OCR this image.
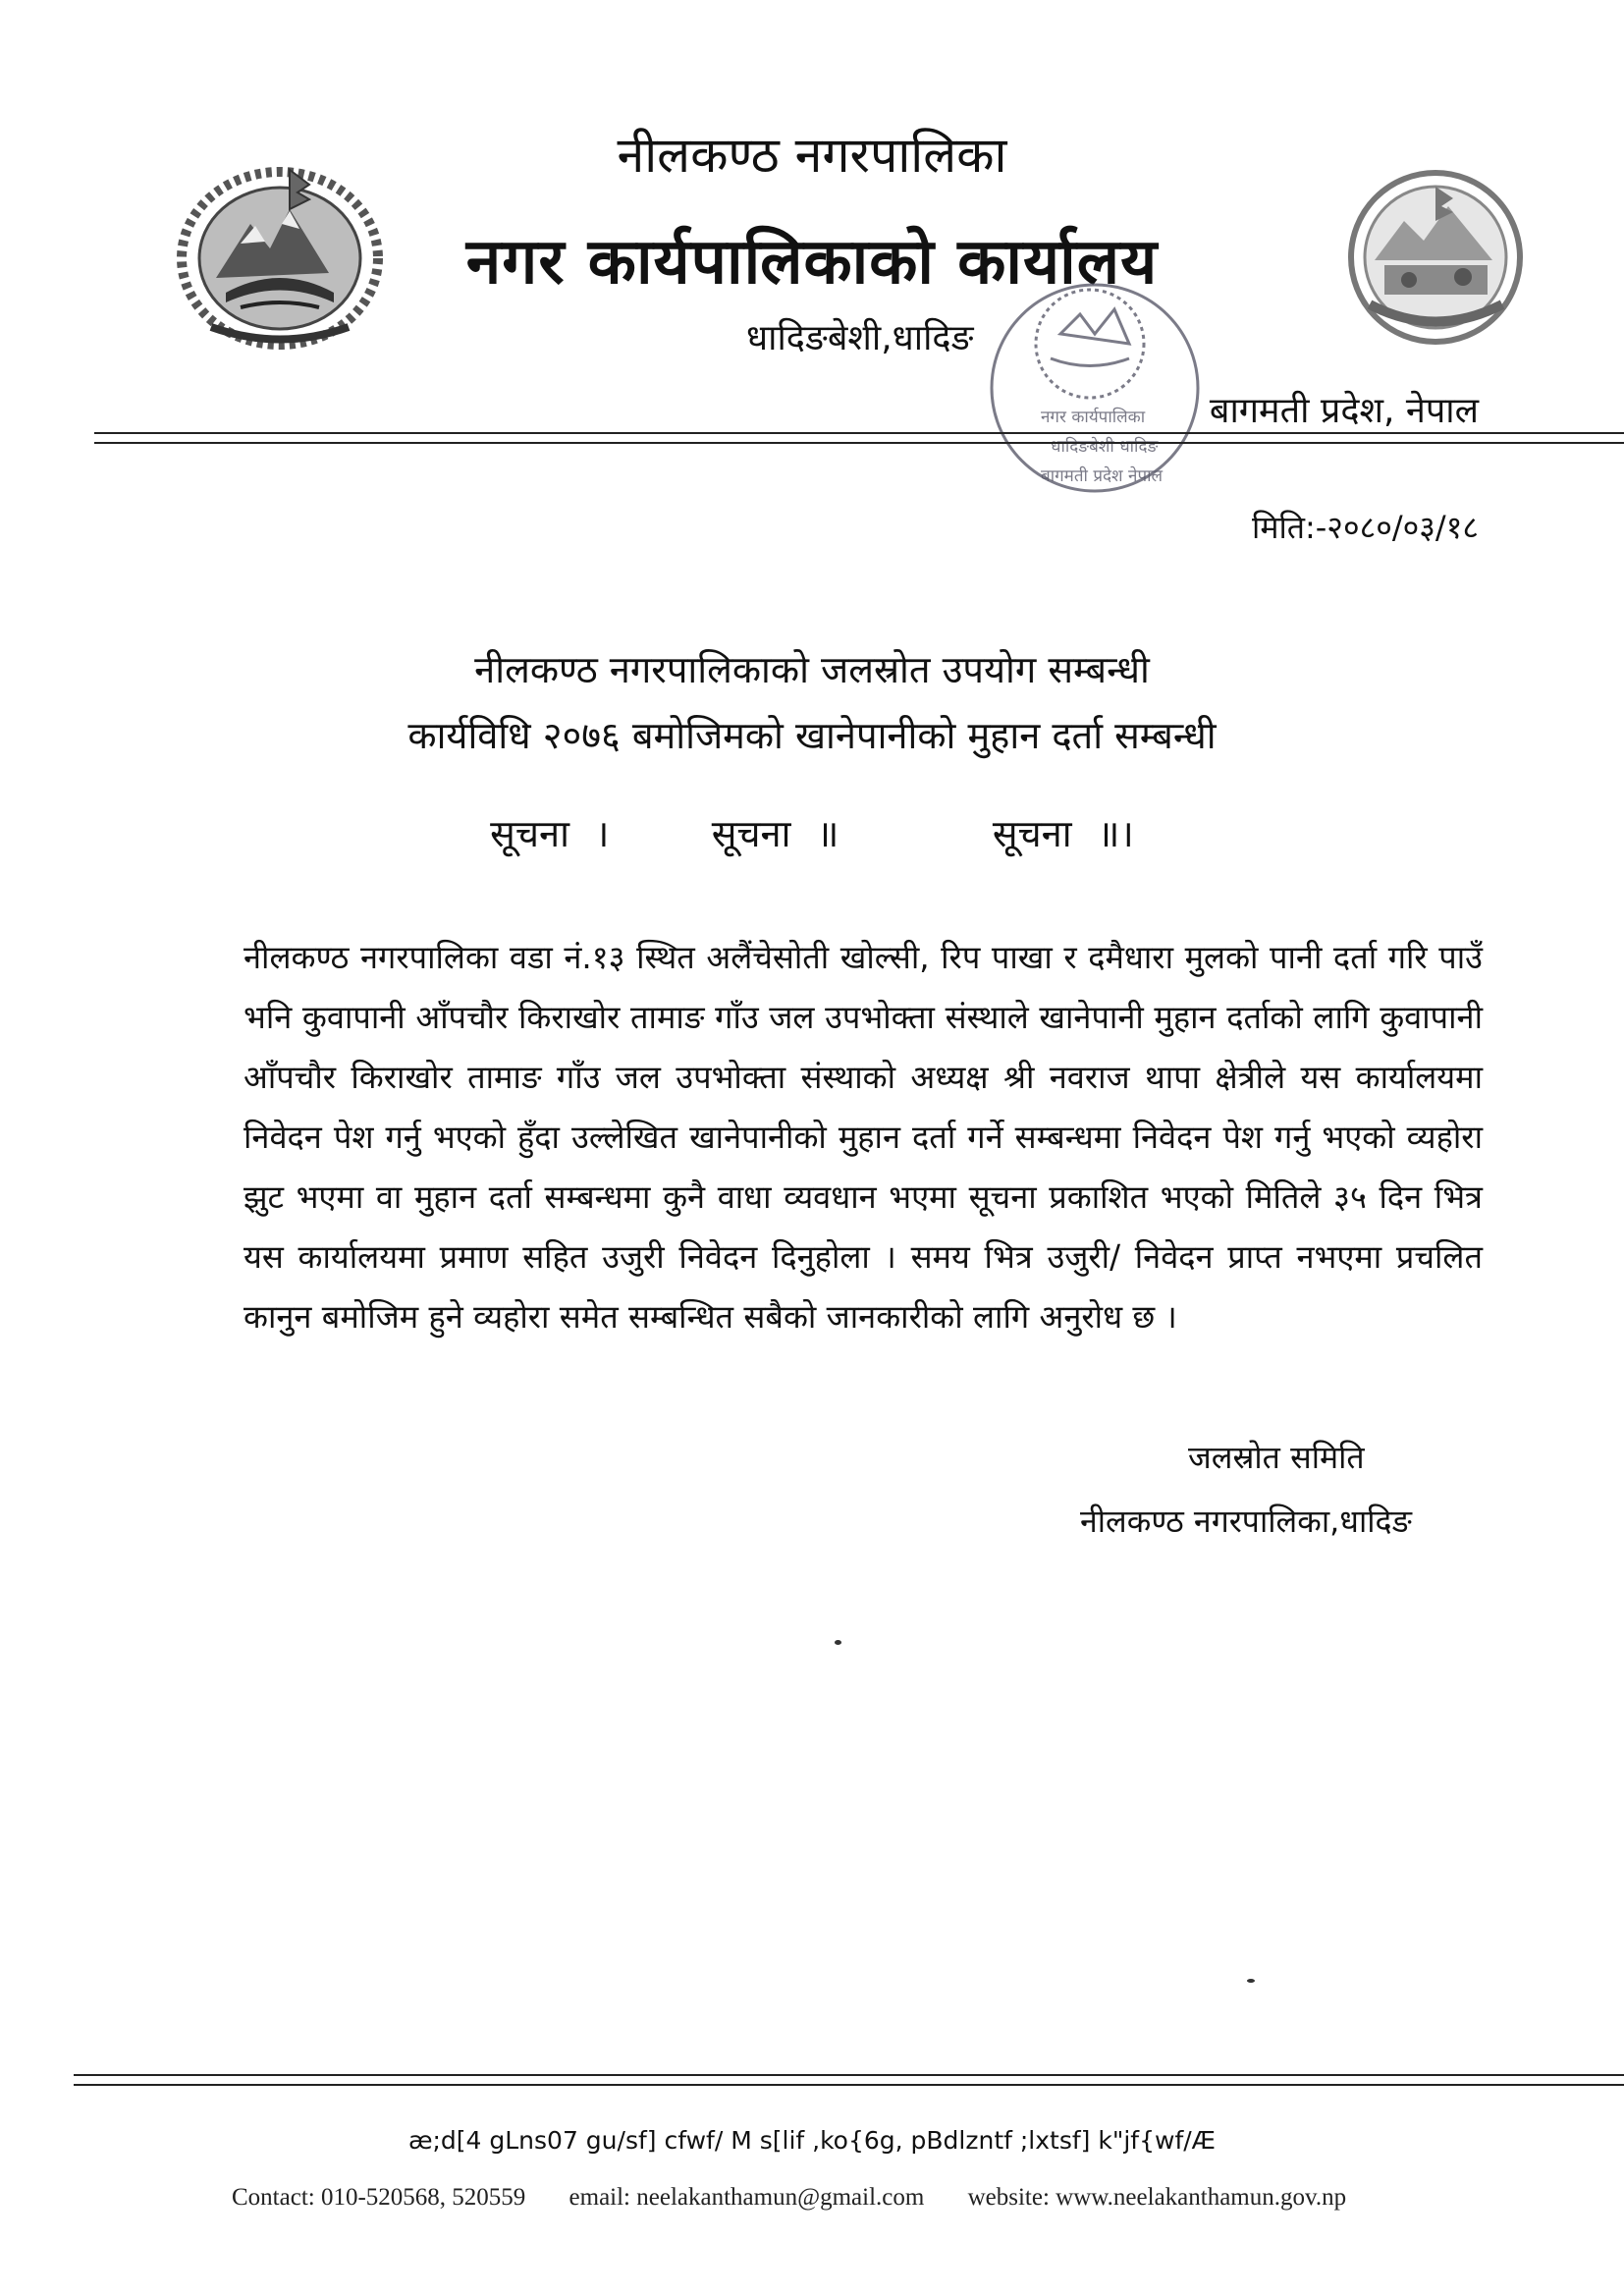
नीलकण्ठ नगरपालिका
नगर कार्यपालिकाको कार्यालय
धादिङबेशी,धादिङ
बागमती प्रदेश, नेपाल
नगर कार्यपालिका
धादिङबेशी धादिङ
बागमती प्रदेश नेपाल
मिति:-२०८०/०३/१८
नीलकण्ठ नगरपालिकाको जलस्रोत उपयोग सम्बन्धी
कार्यविधि २०७६ बमोजिमको खानेपानीको मुहान दर्ता सम्बन्धी
सूचना ।	सूचना ॥	सूचना ॥।
नीलकण्ठ नगरपालिका वडा नं.१३ स्थित अलैंचेसोती खोल्सी, रिप पाखा र दमैधारा मुलको पानी दर्ता गरि पाउँ भनि कुवापानी आँपचौर किराखोर तामाङ गाँउ जल उपभोक्ता संस्थाले खानेपानी मुहान दर्ताको लागि कुवापानी आँपचौर किराखोर तामाङ गाँउ जल उपभोक्ता संस्थाको अध्यक्ष श्री नवराज थापा क्षेत्रीले यस कार्यालयमा निवेदन पेश गर्नु भएको हुँदा उल्लेखित खानेपानीको मुहान दर्ता गर्ने सम्बन्धमा निवेदन पेश गर्नु भएको व्यहोरा झुट भएमा वा मुहान दर्ता सम्बन्धमा कुनै वाधा व्यवधान भएमा सूचना प्रकाशित भएको मितिले ३५ दिन भित्र यस कार्यालयमा प्रमाण सहित उजुरी निवेदन दिनुहोला । समय भित्र उजुरी/ निवेदन प्राप्त नभएमा प्रचलित कानुन बमोजिम हुने व्यहोरा समेत सम्बन्धित सबैको जानकारीको लागि अनुरोध छ ।
जलस्रोत समिति
नीलकण्ठ नगरपालिका,धादिङ
æ;d[4 gLns07 gu/sf] cfwf/ M s[lif ,ko{6g, pBdlzntf ;lxtsf] k"jf{wf/Æ
Contact: 010-520568, 520559 email: neelakanthamun@gmail.com website: www.neelakanthamun.gov.np
